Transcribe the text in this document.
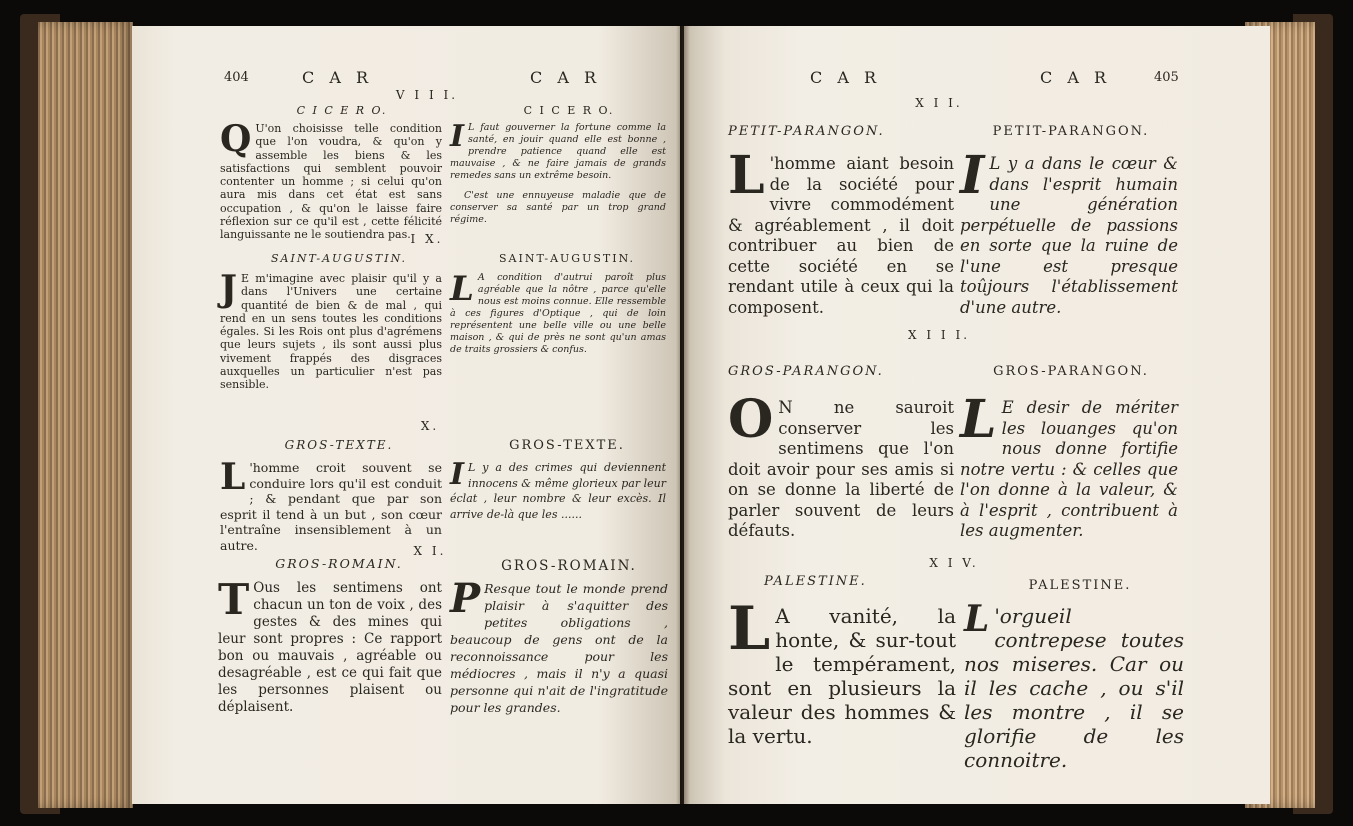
404	C A R	C A R
V I I I.
C I C E R O.	C I C E R O.
Q U'on choisisse telle condition que l'on voudra, & qu'on y assemble les biens & les satisfactions qui semblent pouvoir contenter un homme ; si celui qu'on aura mis dans cet état est sans occupation , & qu'on le laisse faire réflexion sur ce qu'il est , cette félicité languissante ne le soutiendra pas.
I L faut gouverner la fortune comme la santé, en jouir quand elle est bonne , prendre patience quand elle est mauvaise , & ne faire jamais de grands remedes sans un extrême besoin.

C'est une ennuyeuse maladie que de conserver sa santé par un trop grand régime.

I X.
SAINT-AUGUSTIN.	SAINT-AUGUSTIN.
J E m'imagine avec plaisir qu'il y a dans l'Univers une certaine quantité de bien & de mal , qui rend en un sens toutes les conditions égales. Si les Rois ont plus d'agrémens que leurs sujets , ils sont aussi plus vivement frappés des disgraces auxquelles un particulier n'est pas sensible.
L A condition d'autrui paroît plus agréable que la nôtre , parce qu'elle nous est moins connue. Elle ressemble à ces figures d'Optique , qui de loin représentent une belle ville ou une belle maison , & qui de près ne sont qu'un amas de traits grossiers & confus.
X.
GROS-TEXTE.	GROS-TEXTE.
L 'homme croit souvent se conduire lors qu'il est conduit ; & pendant que par son esprit il tend à un but , son cœur l'entraîne insensiblement à un autre.
I L y a des crimes qui deviennent innocens & même glorieux par leur éclat , leur nombre & leur excès. Il arrive de-là que les ......
X I.
GROS-ROMAIN.	GROS-ROMAIN.
T Ous les sentimens ont chacun un ton de voix , des gestes & des mines qui leur sont propres : Ce rapport bon ou mauvais , agréable ou desagréable , est ce qui fait que les personnes plaisent ou déplaisent.
P Resque tout le monde prend plaisir à s'aquitter des petites obligations , beaucoup de gens ont de la reconnoissance pour les médiocres , mais il n'y a quasi personne qui n'ait de l'ingratitude pour les grandes.
C A R	C A R	405
X I I.
PETIT-PARANGON.	PETIT-PARANGON.
L 'homme aiant besoin de la société pour vivre commodément & agréablement , il doit contribuer au bien de cette société en se rendant utile à ceux qui la composent.
I L y a dans le cœur & dans l'esprit humain une génération perpétuelle de passions en sorte que la ruine de l'une est presque toûjours l'établissement d'une autre.
X I I I.
GROS-PARANGON.	GROS-PARANGON.
O N ne sauroit conserver les sentimens que l'on doit avoir pour ses amis si on se donne la liberté de parler souvent de leurs défauts.
L E desir de mériter les louanges qu'on nous donne fortifie notre vertu : & celles que l'on donne à la valeur, & à l'esprit , contribuent à les augmenter.
X I V.
PALESTINE.	PALESTINE.
L A vanité, la honte, & sur-tout le tempérament, sont en plusieurs la valeur des hommes & la vertu.
L 'orgueil contrepese toutes nos miseres. Car ou il les cache , ou s'il les montre , il se glorifie de les connoitre.
